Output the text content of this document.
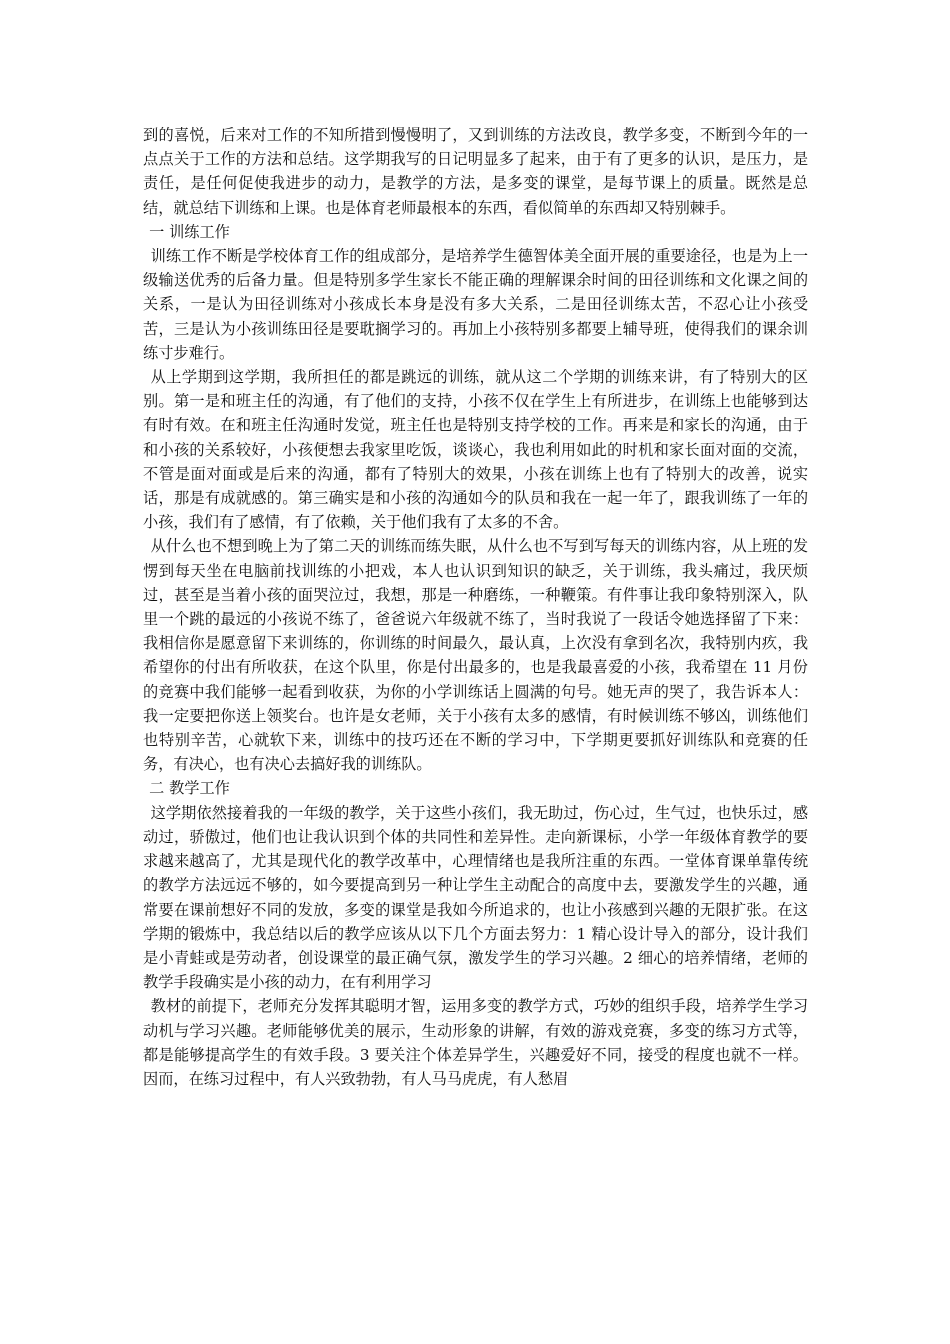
到的喜悦，后来对工作的不知所措到慢慢明了，又到训练的方法改良，教学多变，不断到今年的一点点关于工作的方法和总结。这学期我写的日记明显多了起来，由于有了更多的认识，是压力，是责任，是任何促使我进步的动力，是教学的方法，是多变的课堂，是每节课上的质量。既然是总结，就总结下训练和上课。也是体育老师最根本的东西，看似简单的东西却又特别棘手。

一 训练工作

训练工作不断是学校体育工作的组成部分，是培养学生德智体美全面开展的重要途径，也是为上一级输送优秀的后备力量。但是特别多学生家长不能正确的理解课余时间的田径训练和文化课之间的关系，一是认为田径训练对小孩成长本身是没有多大关系，二是田径训练太苦，不忍心让小孩受苦，三是认为小孩训练田径是要耽搁学习的。再加上小孩特别多都要上辅导班，使得我们的课余训练寸步难行。

从上学期到这学期，我所担任的都是跳远的训练，就从这二个学期的训练来讲，有了特别大的区别。第一是和班主任的沟通，有了他们的支持，小孩不仅在学生上有所进步，在训练上也能够到达有时有效。在和班主任沟通时发觉，班主任也是特别支持学校的工作。再来是和家长的沟通，由于和小孩的关系较好，小孩便想去我家里吃饭，谈谈心，我也利用如此的时机和家长面对面的交流，不管是面对面或是后来的沟通，都有了特别大的效果，小孩在训练上也有了特别大的改善，说实话，那是有成就感的。第三确实是和小孩的沟通如今的队员和我在一起一年了，跟我训练了一年的小孩，我们有了感情，有了依赖，关于他们我有了太多的不舍。

从什么也不想到晚上为了第二天的训练而练失眠，从什么也不写到写每天的训练内容，从上班的发愣到每天坐在电脑前找训练的小把戏，本人也认识到知识的缺乏，关于训练，我头痛过，我厌烦过，甚至是当着小孩的面哭泣过，我想，那是一种磨练，一种鞭策。有件事让我印象特别深入，队里一个跳的最远的小孩说不练了，爸爸说六年级就不练了，当时我说了一段话令她选择留了下来：我相信你是愿意留下来训练的，你训练的时间最久，最认真，上次没有拿到名次，我特别内疚，我希望你的付出有所收获，在这个队里，你是付出最多的，也是我最喜爱的小孩，我希望在 11 月份的竞赛中我们能够一起看到收获，为你的小学训练话上圆满的句号。她无声的哭了，我告诉本人：我一定要把你送上领奖台。也许是女老师，关于小孩有太多的感情，有时候训练不够凶，训练他们也特别辛苦，心就软下来，训练中的技巧还在不断的学习中，下学期更要抓好训练队和竞赛的任务，有决心，也有决心去搞好我的训练队。

二 教学工作

这学期依然接着我的一年级的教学，关于这些小孩们，我无助过，伤心过，生气过，也快乐过，感动过，骄傲过，他们也让我认识到个体的共同性和差异性。走向新课标，小学一年级体育教学的要求越来越高了，尤其是现代化的教学改革中，心理情绪也是我所注重的东西。一堂体育课单靠传统的教学方法远远不够的，如今要提高到另一种让学生主动配合的高度中去，要激发学生的兴趣，通常要在课前想好不同的发放，多变的课堂是我如今所追求的，也让小孩感到兴趣的无限扩张。在这学期的锻炼中，我总结以后的教学应该从以下几个方面去努力：1 精心设计导入的部分，设计我们是小青蛙或是劳动者，创设课堂的最正确气氛，激发学生的学习兴趣。2 细心的培养情绪，老师的教学手段确实是小孩的动力，在有利用学习

教材的前提下，老师充分发挥其聪明才智，运用多变的教学方式，巧妙的组织手段，培养学生学习动机与学习兴趣。老师能够优美的展示，生动形象的讲解，有效的游戏竞赛，多变的练习方式等，都是能够提高学生的有效手段。3 要关注个体差异学生，兴趣爱好不同，接受的程度也就不一样。因而，在练习过程中，有人兴致勃勃，有人马马虎虎，有人愁眉
